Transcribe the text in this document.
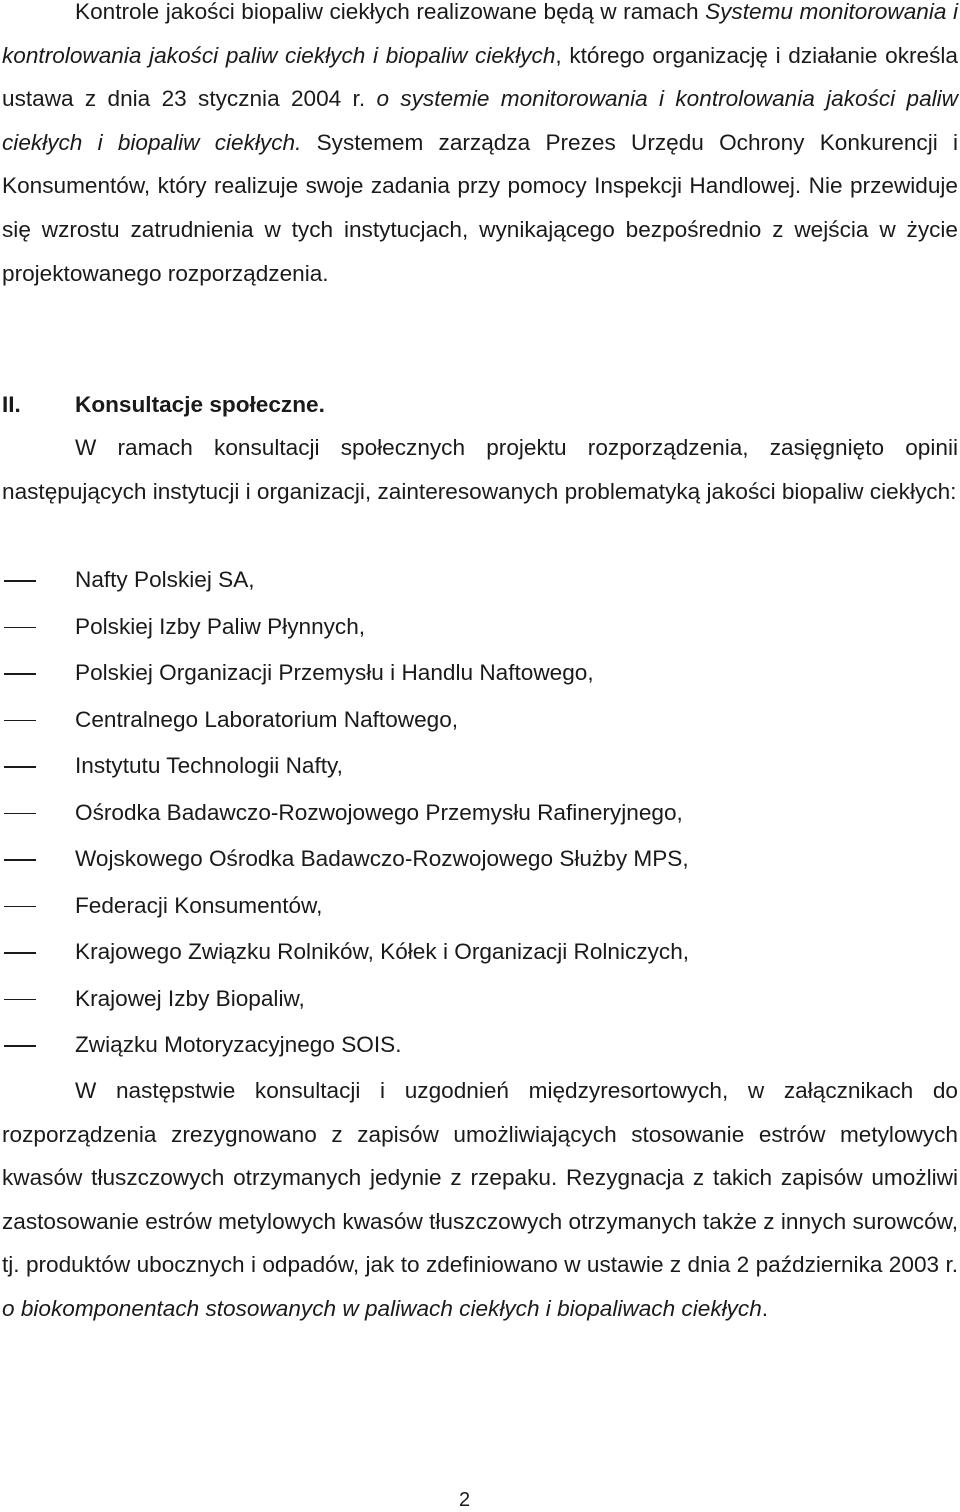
Kontrole jakości biopaliw ciekłych realizowane będą w ramach Systemu monitorowania i kontrolowania jakości paliw ciekłych i biopaliw ciekłych, którego organizację i działanie określa ustawa z dnia 23 stycznia 2004 r. o systemie monitorowania i kontrolowania jakości paliw ciekłych i biopaliw ciekłych. Systemem zarządza Prezes Urzędu Ochrony Konkurencji i Konsumentów, który realizuje swoje zadania przy pomocy Inspekcji Handlowej. Nie przewiduje się wzrostu zatrudnienia w tych instytucjach, wynikającego bezpośrednio z wejścia w życie projektowanego rozporządzenia.

II. Konsultacje społeczne.

W ramach konsultacji społecznych projektu rozporządzenia, zasięgnięto opinii następujących instytucji i organizacji, zainteresowanych problematyką jakości biopaliw ciekłych:

Nafty Polskiej SA,
Polskiej Izby Paliw Płynnych,
Polskiej Organizacji Przemysłu i Handlu Naftowego,
Centralnego Laboratorium Naftowego,
Instytutu Technologii Nafty,
Ośrodka Badawczo-Rozwojowego Przemysłu Rafineryjnego,
Wojskowego Ośrodka Badawczo-Rozwojowego Służby MPS,
Federacji Konsumentów,
Krajowego Związku Rolników, Kółek i Organizacji Rolniczych,
Krajowej Izby Biopaliw,
Związku Motoryzacyjnego SOIS.

W następstwie konsultacji i uzgodnień międzyresortowych, w załącznikach do rozporządzenia zrezygnowano z zapisów umożliwiających stosowanie estrów metylowych kwasów tłuszczowych otrzymanych jedynie z rzepaku. Rezygnacja z takich zapisów umożliwi zastosowanie estrów metylowych kwasów tłuszczowych otrzymanych także z innych surowców, tj. produktów ubocznych i odpadów, jak to zdefiniowano w ustawie z dnia 2 października 2003 r. o biokomponentach stosowanych w paliwach ciekłych i biopaliwach ciekłych.

2
